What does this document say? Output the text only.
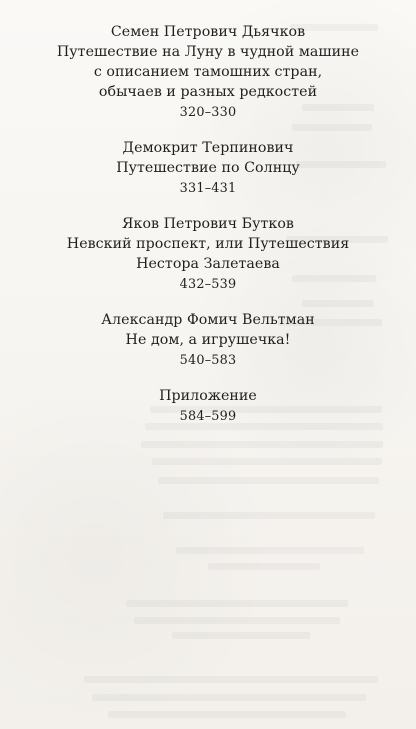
Семен Петрович Дьячков
Путешествие на Луну в чудной машине
с описанием тамошних стран,
обычаев и разных редкостей
320–330
Демокрит Терпинович
Путешествие по Солнцу
331–431
Яков Петрович Бутков
Невский проспект, или Путешествия
Нестора Залетаева
432–539
Александр Фомич Вельтман
Не дом, а игрушечка!
540–583
Приложение
584–599
